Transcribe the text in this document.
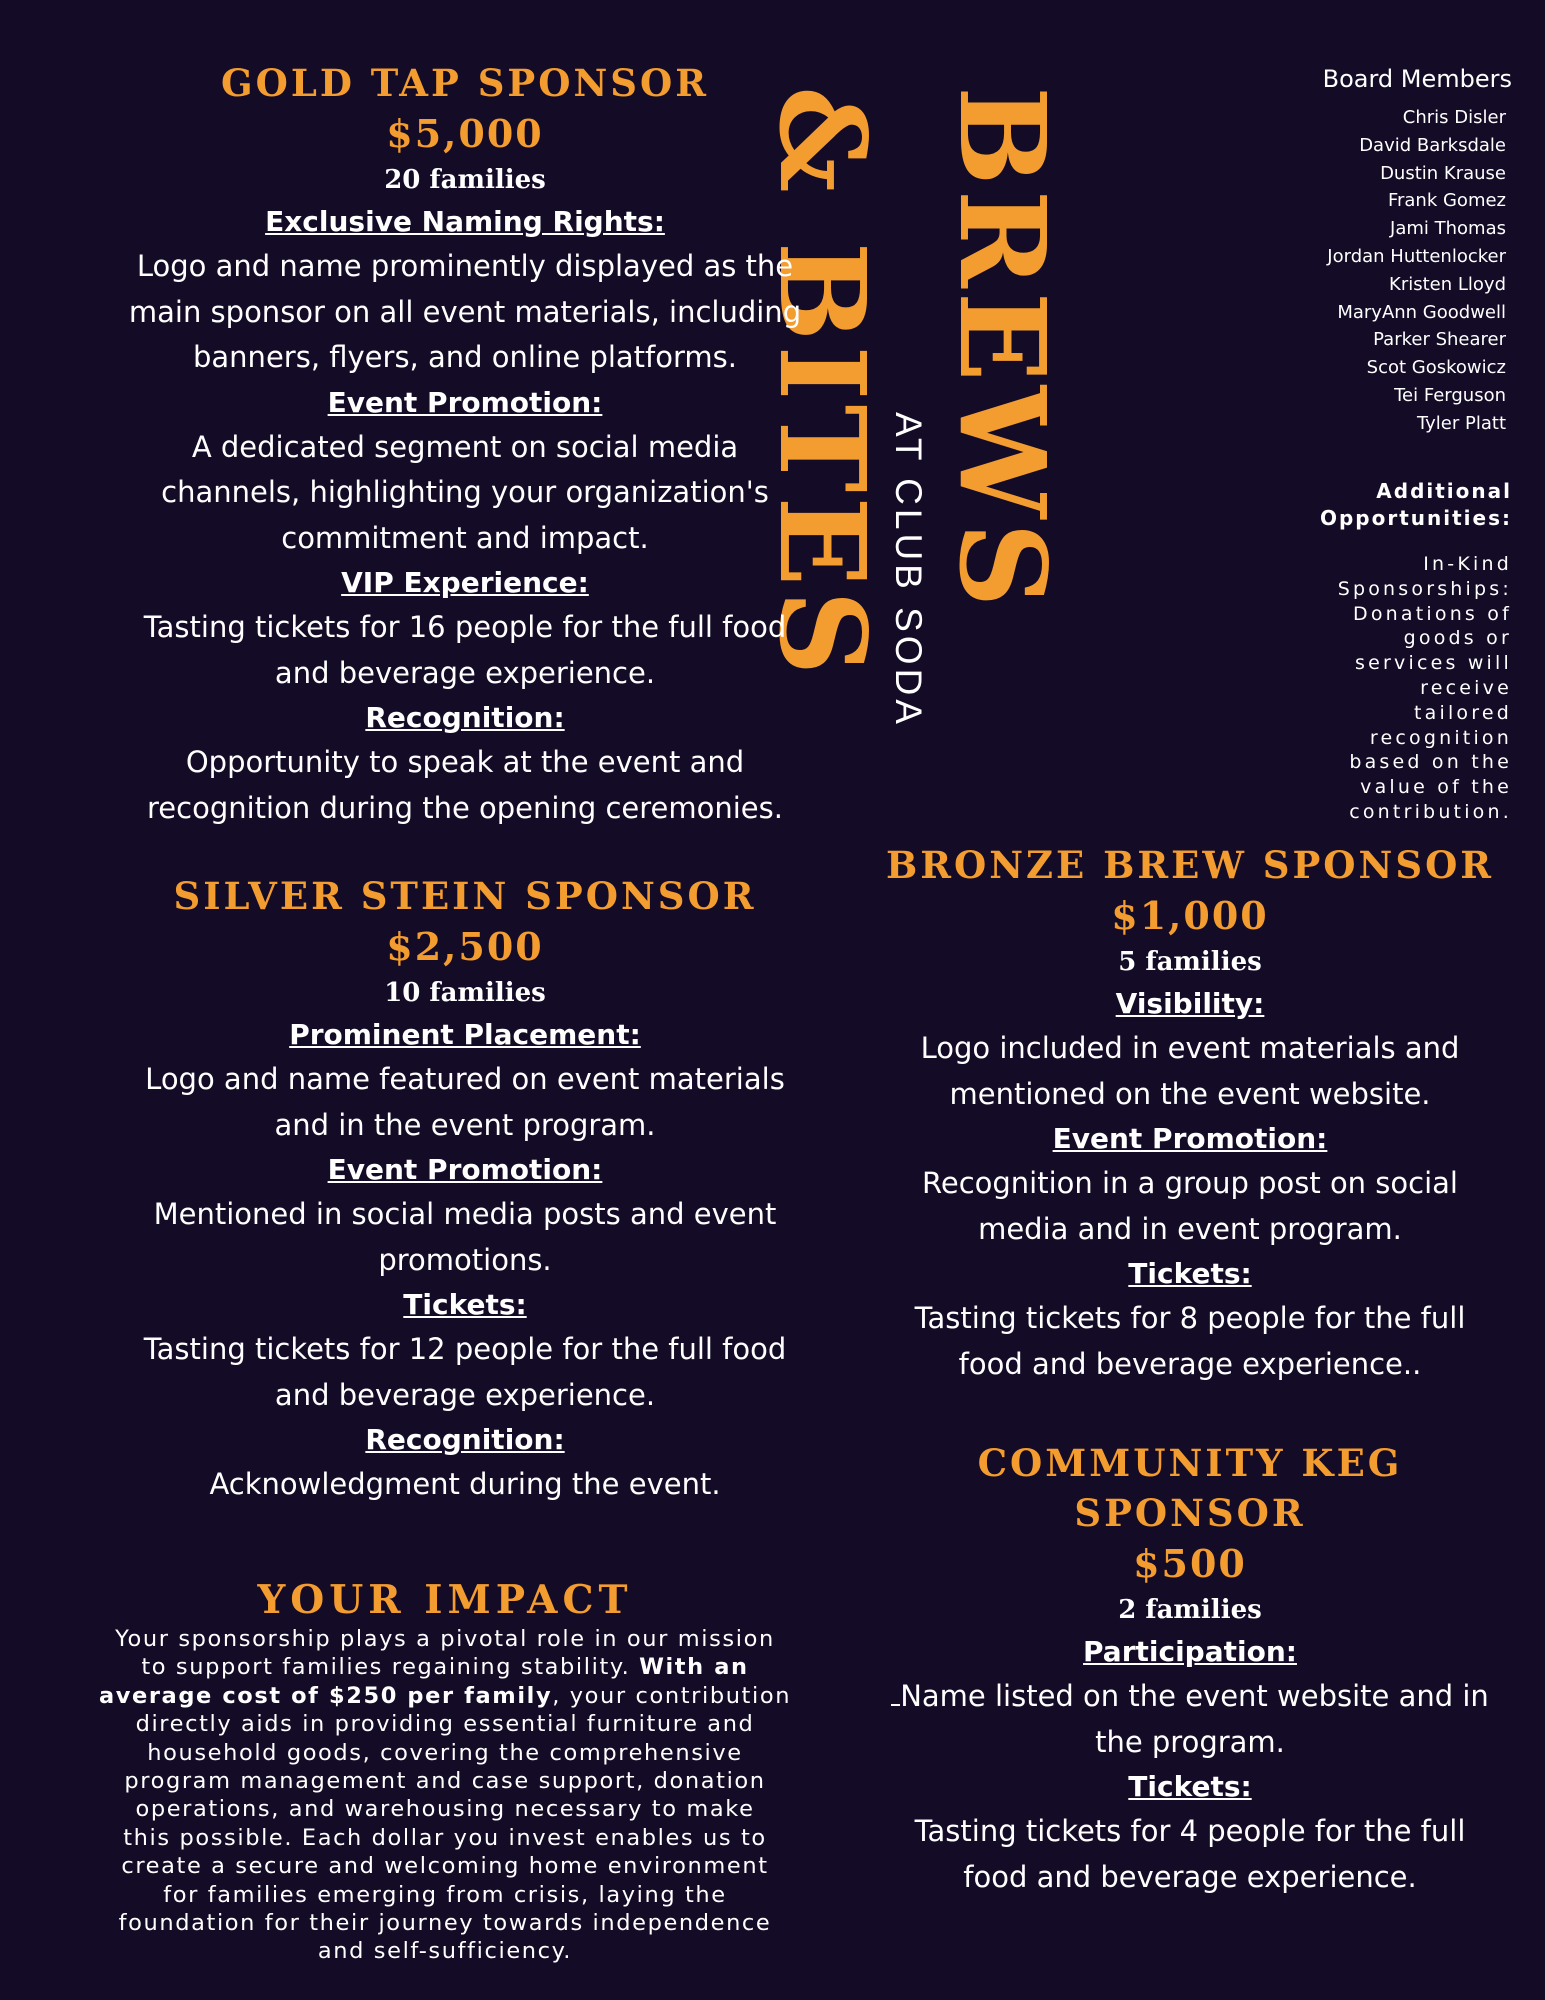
BREWS
& BITES
AT CLUB SODA

Board Members

Chris Disler
David Barksdale
Dustin Krause
Frank Gomez
Jami Thomas
Jordan Huttenlocker
Kristen Lloyd
MaryAnn Goodwell
Parker Shearer
Scot Goskowicz
Tei Ferguson
Tyler Platt

Additional
Opportunities:

In-Kind
Sponsorships:
Donations of
goods or
services will
receive
tailored
recognition
based on the
value of the
contribution.

GOLD TAP SPONSOR

$5,000

20 families

Exclusive Naming Rights:

Logo and name prominently displayed as the
main sponsor on all event materials, including
banners, flyers, and online platforms.

Event Promotion:

A dedicated segment on social media
channels, highlighting your organization's
commitment and impact.

VIP Experience:

Tasting tickets for 16 people for the full food
and beverage experience.

Recognition:

Opportunity to speak at the event and
recognition during the opening ceremonies.

SILVER STEIN SPONSOR

$2,500

10 families

Prominent Placement:

Logo and name featured on event materials
and in the event program.

Event Promotion:

Mentioned in social media posts and event
promotions.

Tickets:

Tasting tickets for 12 people for the full food
and beverage experience.

Recognition:

Acknowledgment during the event.

YOUR IMPACT

Your sponsorship plays a pivotal role in our mission
to support families regaining stability. With an
average cost of $250 per family, your contribution
directly aids in providing essential furniture and
household goods, covering the comprehensive
program management and case support, donation
operations, and warehousing necessary to make
this possible. Each dollar you invest enables us to
create a secure and welcoming home environment
for families emerging from crisis, laying the
foundation for their journey towards independence
and self-sufficiency.

BRONZE BREW SPONSOR

$1,000

5 families

Visibility:

Logo included in event materials and
mentioned on the event website.

Event Promotion:

Recognition in a group post on social
media and in event program.

Tickets:

Tasting tickets for 8 people for the full
food and beverage experience..

COMMUNITY KEG
SPONSOR

$500

2 families

Participation:

Name listed on the event website and in
the program.

Tickets:

Tasting tickets for 4 people for the full
food and beverage experience.
